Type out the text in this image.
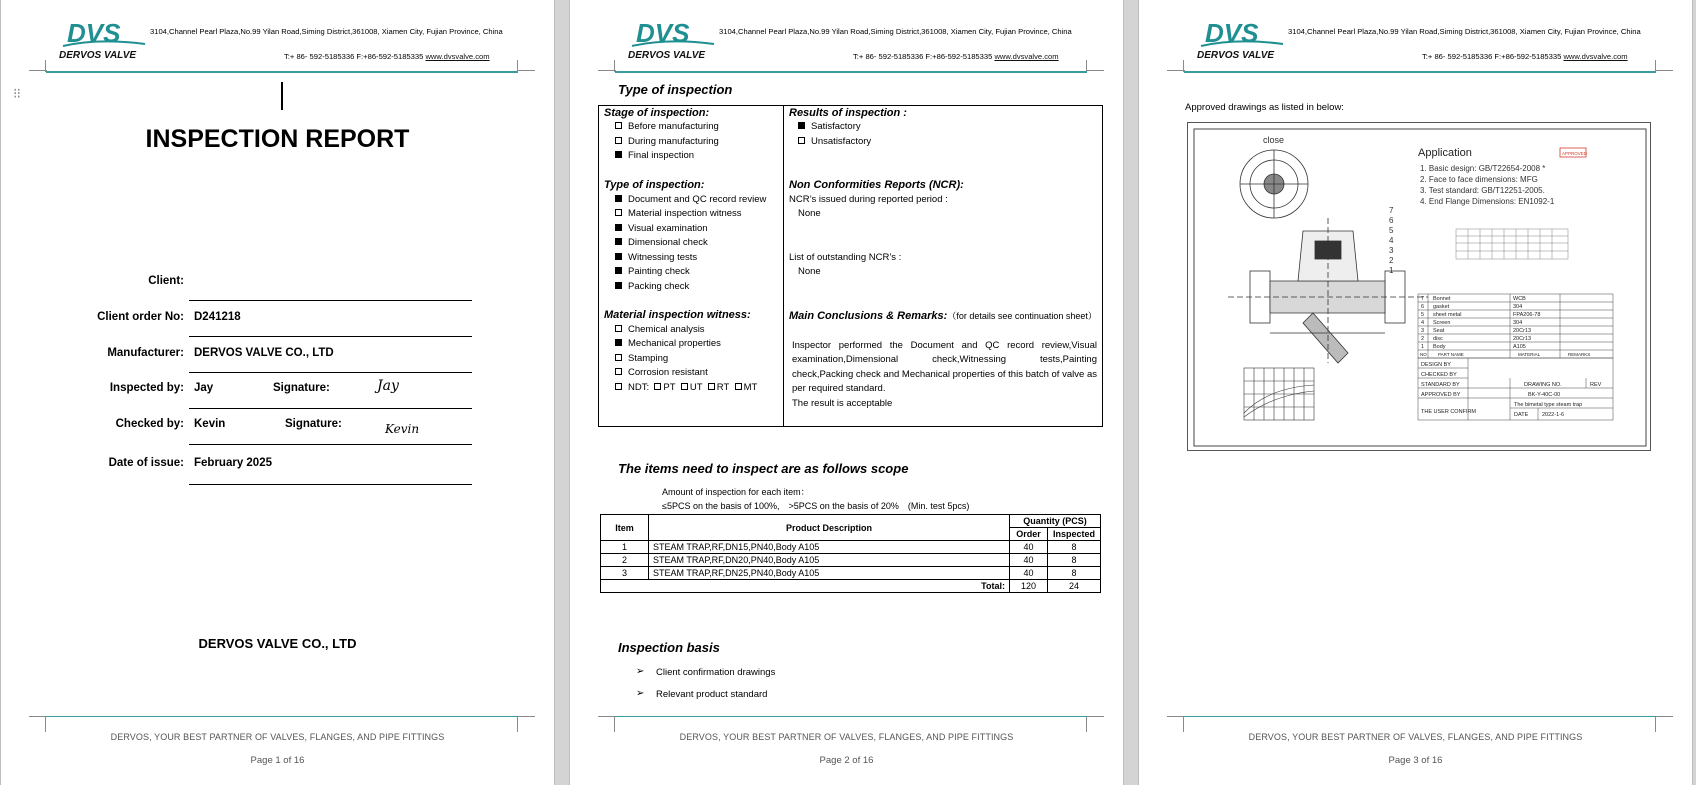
DVS
DERVOS VALVE
3104,Channel Pearl Plaza,No.99 Yilan Road,Siming District,361008, Xiamen City, Fujian Province, China
T:+ 86- 592-5185336 F:+86-592-5185335 www.dvsvalve.com
⁝⁝
INSPECTION REPORT
Client:
Client order No: D241218
Manufacturer: DERVOS VALVE CO., LTD
Inspected by: Jay	Signature:	Jay
Checked by: Kevin	Signature:	Kevin
Date of issue: February 2025
DERVOS VALVE CO., LTD
DERVOS, YOUR BEST PARTNER OF VALVES, FLANGES, AND PIPE FITTINGS
Page 1 of 16
DVS
DERVOS VALVE
3104,Channel Pearl Plaza,No.99 Yilan Road,Siming District,361008, Xiamen City, Fujian Province, China
T:+ 86- 592-5185336 F:+86-592-5185335 www.dvsvalve.com
Type of inspection
Stage of inspection:
Before manufacturing
During manufacturing
Final inspection
Type of inspection:
Document and QC record review
Material inspection witness
Visual examination
Dimensional check
Witnessing tests
Painting check
Packing check
Material inspection witness:
Chemical analysis
Mechanical properties
Stamping
Corrosion resistant
NDT: PT UT RT MT
Results of inspection :
Satisfactory
Unsatisfactory
Non Conformities Reports (NCR):
NCR’s issued during reported period :
None
List of outstanding NCR’s :
None
Main Conclusions & Remarks:（for details see continuation sheet）
Inspector performed the Document and QC record review,Visual examination,Dimensional check,Witnessing tests,Painting check,Packing check and Mechanical properties of this batch of valve as per required standard.
The result is acceptable
The items need to inspect are as follows scope
Amount of inspection for each item：
≤5PCS on the basis of 100%,　>5PCS on the basis of 20%　(Min. test 5pcs)
Item	Product Description	Quantity (PCS)	
		Order	Inspected
1	STEAM TRAP,RF,DN15,PN40,Body A105	40	8
2	STEAM TRAP,RF,DN20,PN40,Body A105	40	8
3	STEAM TRAP,RF,DN25,PN40,Body A105	40	8
Total:		120	24
Inspection basis
➢ Client confirmation drawings
➢ Relevant product standard
DERVOS, YOUR BEST PARTNER OF VALVES, FLANGES, AND PIPE FITTINGS
Page 2 of 16
DVS
DERVOS VALVE
3104,Channel Pearl Plaza,No.99 Yilan Road,Siming District,361008, Xiamen City, Fujian Province, China
T:+ 86- 592-5185336 F:+86-592-5185335 www.dvsvalve.com
Approved drawings as listed in below:
close
7
6
5
4
3
2
1
Application
1. Basic design: GB/T22654-2008 *
2. Face to face dimensions: MFG
3. Test standard: GB/T12251-2005.
4. End Flange Dimensions: EN1092-1
APPROVED
7 Bonnet	WCB
6 gasket	304
5 sheet metal	FPA206-78
4 Screen	304
3 Seat	20Cr13
2 disc	20Cr13
1 Body	A105
NO	PART NAME	MATERIAL	REMARKS
DESIGN BY
CHECKED BY
STANDARD BY
APPROVED BY
THE USER CONFIRM
DRAWING NO.	REV
BK-Y-40C-00
The bimetal type steam trap
DATE 2022-1-6
DERVOS, YOUR BEST PARTNER OF VALVES, FLANGES, AND PIPE FITTINGS
Page 3 of 16
